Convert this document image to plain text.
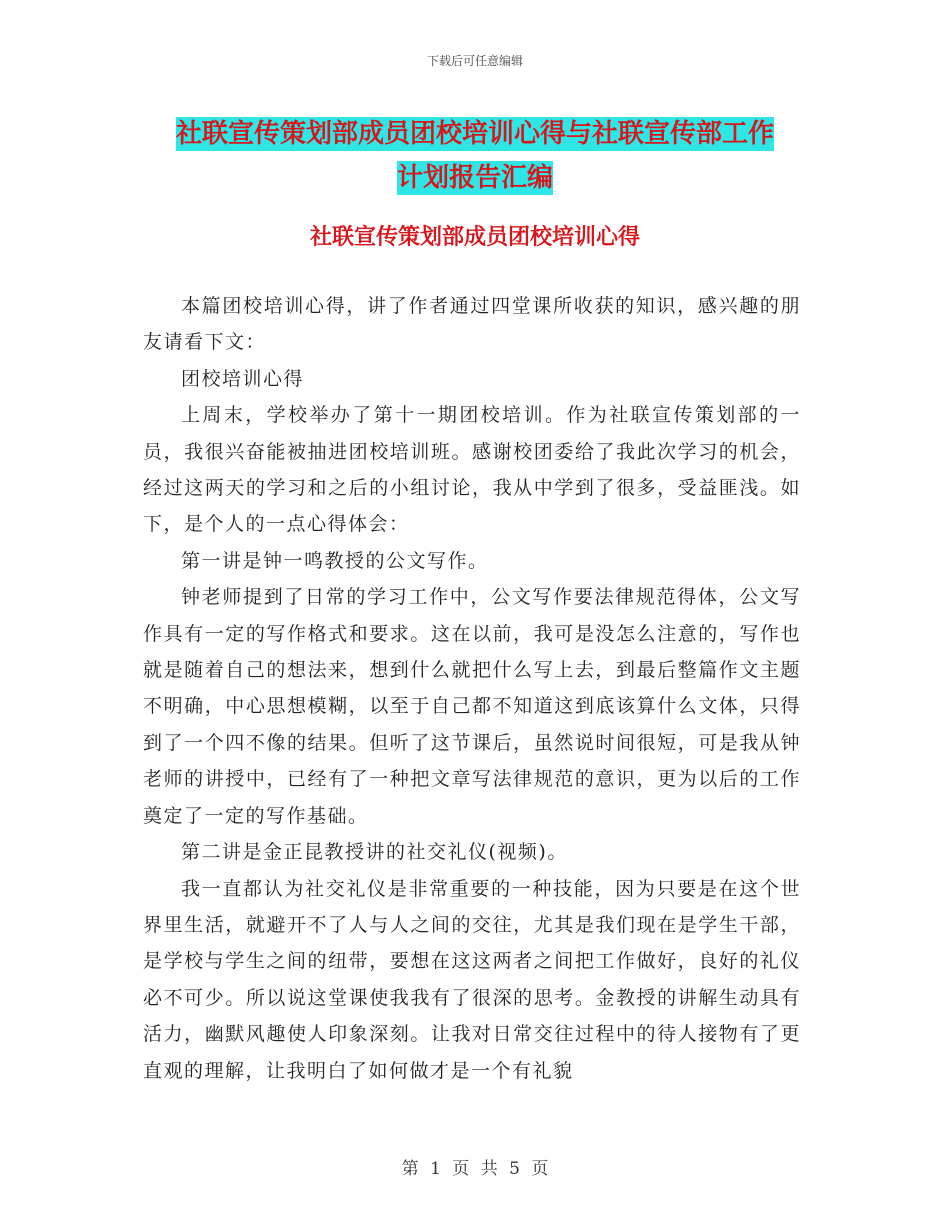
下载后可任意编辑
社联宣传策划部成员团校培训心得与社联宣传部工作
计划报告汇编
社联宣传策划部成员团校培训心得

本篇团校培训心得，讲了作者通过四堂课所收获的知识，感兴趣的朋友请看下文：

团校培训心得

上周末，学校举办了第十一期团校培训。作为社联宣传策划部的一员，我很兴奋能被抽进团校培训班。感谢校团委给了我此次学习的机会，经过这两天的学习和之后的小组讨论，我从中学到了很多，受益匪浅。如下，是个人的一点心得体会：

第一讲是钟一鸣教授的公文写作。

钟老师提到了日常的学习工作中，公文写作要法律规范得体，公文写作具有一定的写作格式和要求。这在以前，我可是没怎么注意的，写作也就是随着自己的想法来，想到什么就把什么写上去，到最后整篇作文主题不明确，中心思想模糊，以至于自己都不知道这到底该算什么文体，只得到了一个四不像的结果。但听了这节课后，虽然说时间很短，可是我从钟老师的讲授中，已经有了一种把文章写法律规范的意识，更为以后的工作奠定了一定的写作基础。

第二讲是金正昆教授讲的社交礼仪(视频)。

我一直都认为社交礼仪是非常重要的一种技能，因为只要是在这个世界里生活，就避开不了人与人之间的交往，尤其是我们现在是学生干部，是学校与学生之间的纽带，要想在这这两者之间把工作做好，良好的礼仪必不可少。所以说这堂课使我我有了很深的思考。金教授的讲解生动具有活力，幽默风趣使人印象深刻。让我对日常交往过程中的待人接物有了更直观的理解，让我明白了如何做才是一个有礼貌

第 1 页 共 5 页
